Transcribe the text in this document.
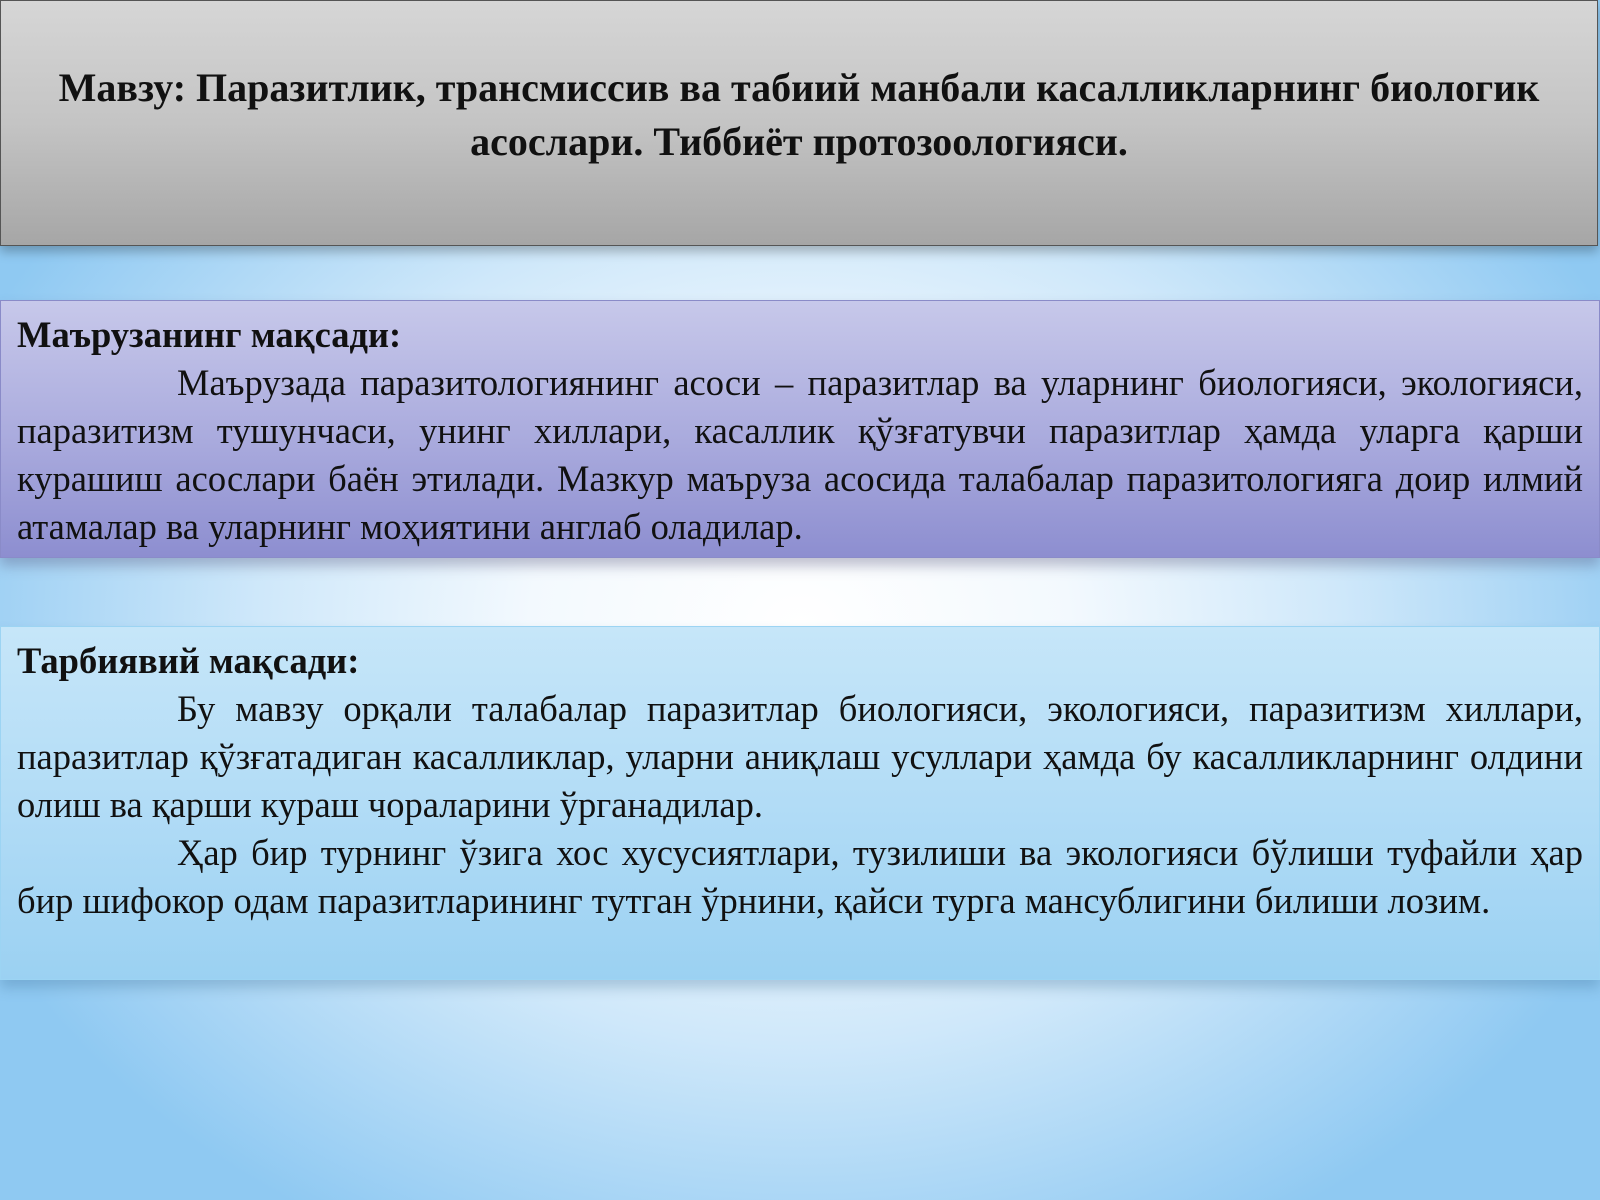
Мавзу: Паразитлик, трансмиссив ва табиий манбали касалликларнинг биологик асослари. Тиббиёт протозоологияси.

Маърузанинг мақсади:

Маърузада паразитологиянинг асоси – паразитлар ва уларнинг биологияси, экологияси, паразитизм тушунчаси, унинг хиллари, касаллик қўзғатувчи паразитлар ҳамда уларга қарши курашиш асослари баён этилади. Мазкур маъруза асосида талабалар паразитологияга доир илмий атамалар ва уларнинг моҳиятини англаб оладилар.

Тарбиявий мақсади:

Бу мавзу орқали талабалар паразитлар биологияси, экологияси, паразитизм хиллари, паразитлар қўзғатадиган касалликлар, уларни аниқлаш усуллари ҳамда бу касалликларнинг олдини олиш ва қарши кураш чораларини ўрганадилар.

Ҳар бир турнинг ўзига хос хусусиятлари, тузилиши ва экологияси бўлиши туфайли ҳар бир шифокор одам паразитларининг тутган ўрнини, қайси турга мансублигини билиши лозим.
